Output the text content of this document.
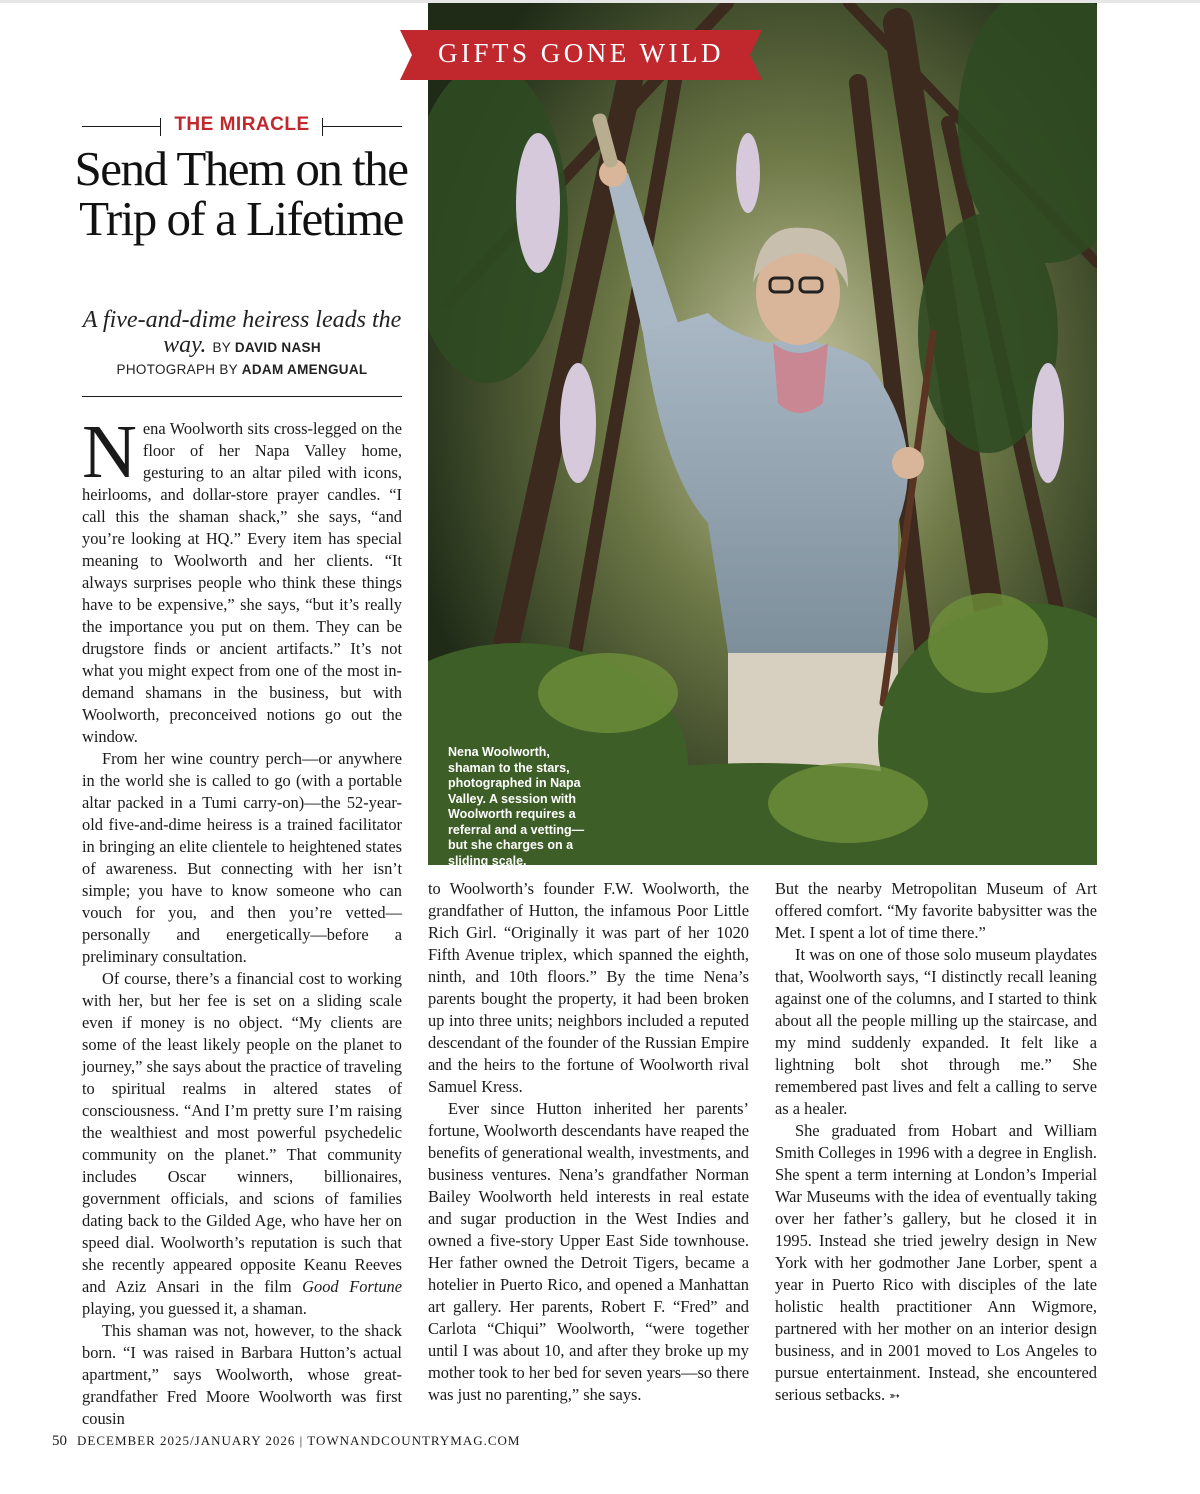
Nena Woolworth,
shaman to the stars,
photographed in Napa
Valley. A session with
Woolworth requires a
referral and a vetting—
but she charges on a
sliding scale.
GIFTS GONE WILD
THE MIRACLE
Send Them on the Trip of a Lifetime
A five-and-dime heiress leads the way. BY DAVID NASH
PHOTOGRAPH BY ADAM AMENGUAL

Nena Woolworth sits cross-legged on the floor of her Napa Valley home, gesturing to an altar piled with icons, heirlooms, and dollar-store prayer candles. “I call this the shaman shack,” she says, “and you’re looking at HQ.” Every item has special meaning to Woolworth and her clients. “It always surprises people who think these things have to be expensive,” she says, “but it’s really the importance you put on them. They can be drugstore finds or ancient artifacts.” It’s not what you might expect from one of the most in-demand shamans in the business, but with Woolworth, preconceived notions go out the window.

From her wine country perch—or anywhere in the world she is called to go (with a portable altar packed in a Tumi carry-on)—the 52-year-old five-and-dime heiress is a trained facilitator in bringing an elite clientele to heightened states of awareness. But connecting with her isn’t simple; you have to know someone who can vouch for you, and then you’re vetted—personally and energetically—before a preliminary consultation.

Of course, there’s a financial cost to working with her, but her fee is set on a sliding scale even if money is no object. “My clients are some of the least likely people on the planet to journey,” she says about the practice of traveling to spiritual realms in altered states of consciousness. “And I’m pretty sure I’m raising the wealthiest and most powerful psychedelic community on the planet.” That community includes Oscar winners, billionaires, government officials, and scions of families dating back to the Gilded Age, who have her on speed dial. Woolworth’s reputation is such that she recently appeared opposite Keanu Reeves and Aziz Ansari in the film Good Fortune playing, you guessed it, a shaman.

This shaman was not, however, to the shack born. “I was raised in Barbara Hutton’s actual apartment,” says Woolworth, whose great-grandfather Fred Moore Woolworth was first cousin

to Woolworth’s founder F.W. Woolworth, the grandfather of Hutton, the infamous Poor Little Rich Girl. “Originally it was part of her 1020 Fifth Avenue triplex, which spanned the eighth, ninth, and 10th floors.” By the time Nena’s parents bought the property, it had been broken up into three units; neighbors included a reputed descendant of the founder of the Russian Empire and the heirs to the fortune of Woolworth rival Samuel Kress.

Ever since Hutton inherited her parents’ fortune, Woolworth descendants have reaped the benefits of generational wealth, investments, and business ventures. Nena’s grandfather Norman Bailey Woolworth held interests in real estate and sugar production in the West Indies and owned a five-story Upper East Side townhouse. Her father owned the Detroit Tigers, became a hotelier in Puerto Rico, and opened a Manhattan art gallery. Her parents, Robert F. “Fred” and Carlota “Chiqui” Woolworth, “were together until I was about 10, and after they broke up my mother took to her bed for seven years—so there was just no parenting,” she says.

But the nearby Metropolitan Museum of Art offered comfort. “My favorite babysitter was the Met. I spent a lot of time there.”

It was on one of those solo museum playdates that, Woolworth says, “I distinctly recall leaning against one of the columns, and I started to think about all the people milling up the staircase, and my mind suddenly expanded. It felt like a lightning bolt shot through me.” She remembered past lives and felt a calling to serve as a healer.

She graduated from Hobart and William Smith Colleges in 1996 with a degree in English. She spent a term interning at London’s Imperial War Museums with the idea of eventually taking over her father’s gallery, but he closed it in 1995. Instead she tried jewelry design in New York with her godmother Jane Lorber, spent a year in Puerto Rico with disciples of the late holistic health practitioner Ann Wigmore, partnered with her mother on an interior design business, and in 2001 moved to Los Angeles to pursue entertainment. Instead, she encountered serious setbacks. ➳

50 DECEMBER 2025/JANUARY 2026 | TOWNANDCOUNTRYMAG.COM
